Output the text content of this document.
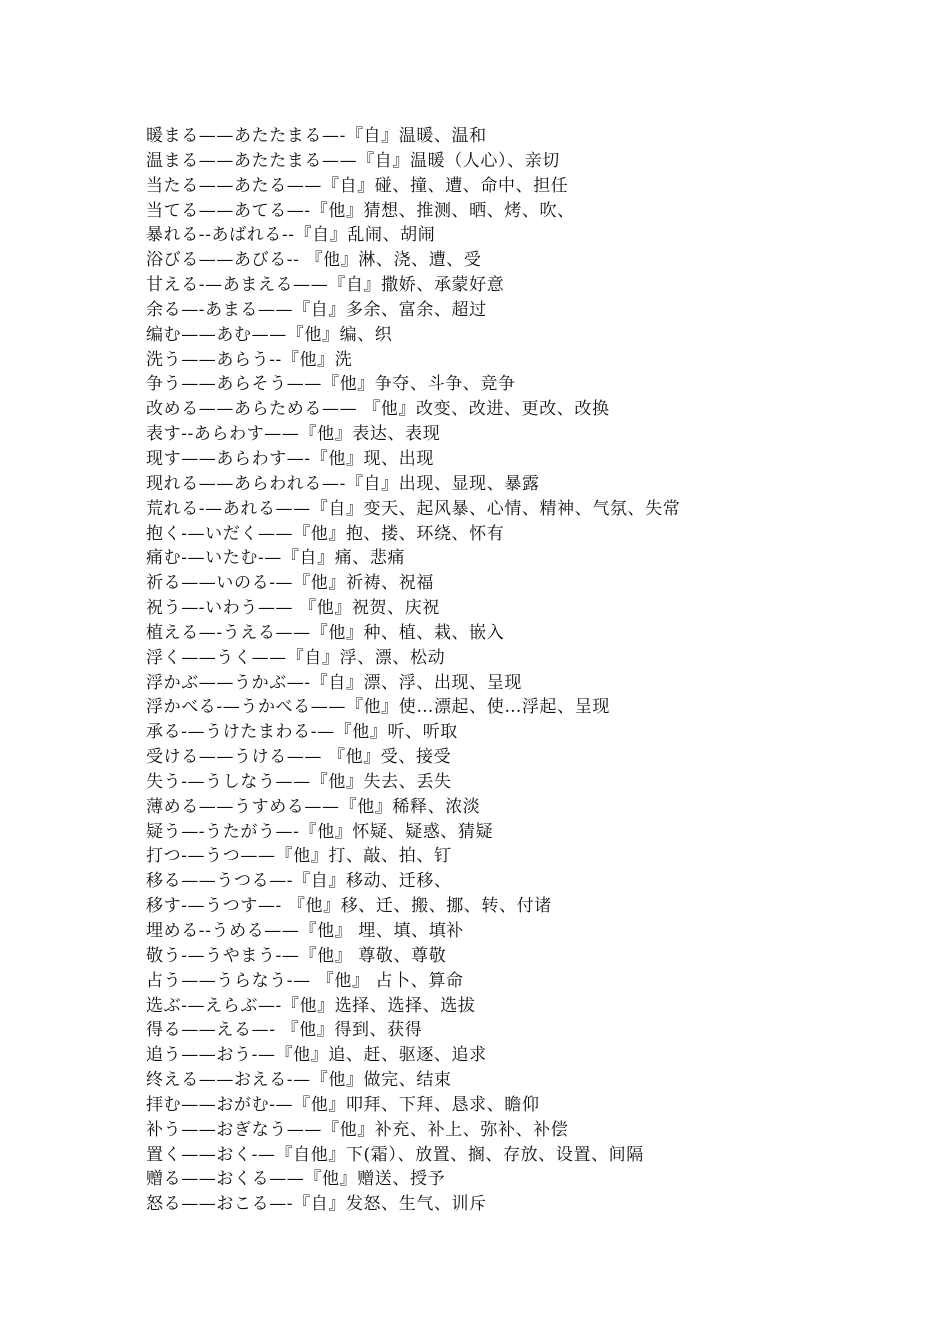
暖まる——あたたまる—-『自』温暖、温和
温まる——あたたまる——『自』温暖（人心）、亲切
当たる——あたる——『自』碰、撞、遭、命中、担任
当てる——あてる—-『他』猜想、推测、晒、烤、吹、
暴れる--あばれる--『自』乱闹、胡闹
浴びる——あびる-- 『他』淋、浇、遭、受
甘える-—あまえる——『自』撒娇、承蒙好意
余る—-あまる——『自』多余、富余、超过
编む——あむ——『他』编、织
洗う——あらう--『他』洗
争う——あらそう——『他』争夺、斗争、竞争
改める——あらためる—— 『他』改变、改进、更改、改换
表す--あらわす——『他』表达、表现
现す——あらわす—-『他』现、出现
现れる——あらわれる—-『自』出现、显现、暴露
荒れる-—あれる——『自』变天、起风暴、心情、精神、气氛、失常
抱く-—いだく——『他』抱、搂、环绕、怀有
痛む-—いたむ-—『自』痛、悲痛
祈る——いのる-—『他』祈祷、祝福
祝う—-いわう—— 『他』祝贺、庆祝
植える—-うえる——『他』种、植、栽、嵌入
浮く——うく——『自』浮、漂、松动
浮かぶ——うかぶ—-『自』漂、浮、出现、呈现
浮かべる-—うかべる——『他』使…漂起、使…浮起、呈现
承る-—うけたまわる-—『他』听、听取
受ける——うける—— 『他』受、接受
失う-—うしなう——『他』失去、丢失
薄める——うすめる——『他』稀释、浓淡
疑う—-うたがう—-『他』怀疑、疑惑、猜疑
打つ-—うつ——『他』打、敲、拍、钉
移る——うつる—-『自』移动、迁移、
移す-—うつす—- 『他』移、迁、搬、挪、转、付诸
埋める--うめる——『他』 埋、填、填补
敬う-—うやまう-—『他』 尊敬、尊敬
占う——うらなう-— 『他』 占卜、算命
选ぶ-—えらぶ—-『他』选择、选择、选拔
得る——える—- 『他』得到、获得
追う——おう-—『他』追、赶、驱逐、追求
终える——おえる-—『他』做完、结束
拝む——おがむ-—『他』叩拜、下拜、恳求、瞻仰
补う——おぎなう——『他』补充、补上、弥补、补偿
置く——おく-—『自他』下(霜）、放置、搁、存放、设置、间隔
赠る——おくる——『他』赠送、授予
怒る——おこる—-『自』发怒、生气、训斥
